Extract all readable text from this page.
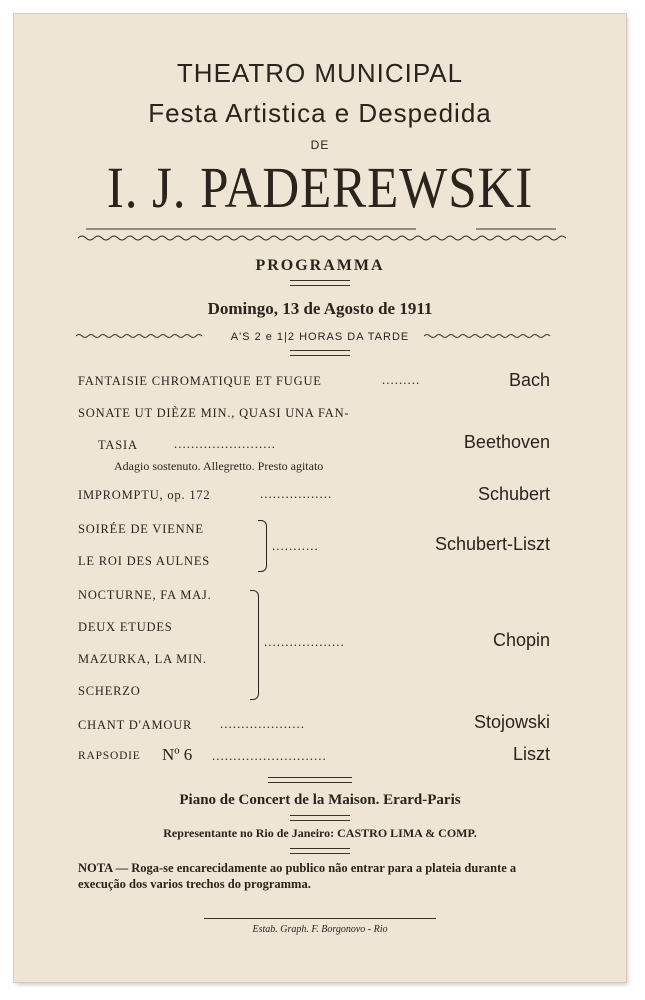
THEATRO MUNICIPAL
Festa Artistica e Despedida
DE
I. J. PADEREWSKI
PROGRAMMA
Domingo, 13 de Agosto de 1911
A'S 2 e 1|2 HORAS DA TARDE
FANTAISIE CHROMATIQUE ET FUGUE	.........	Bach
SONATE UT DIÈZE MIN., QUASI UNA FAN-
TASIA	........................	Beethoven
Adagio sostenuto. Allegretto. Presto agitato
IMPROMPTU, op. 172	.................	Schubert
SOIRÉE DE VIENNE
LE ROI DES AULNES
...........	Schubert-Liszt
NOCTURNE, FA MAJ.
DEUX ETUDES
MAZURKA, LA MIN.
SCHERZO
...................	Chopin
CHANT D'AMOUR ....................	Stojowski
RAPSODIE Nº 6 ...........................	Liszt
Piano de Concert de la Maison. Erard-Paris
Representante no Rio de Janeiro: CASTRO LIMA & COMP.
NOTA — Roga-se encarecidamente ao publico não entrar para a plateia durante a execução dos varios trechos do programma.
Estab. Graph. F. Borgonovo - Rio
